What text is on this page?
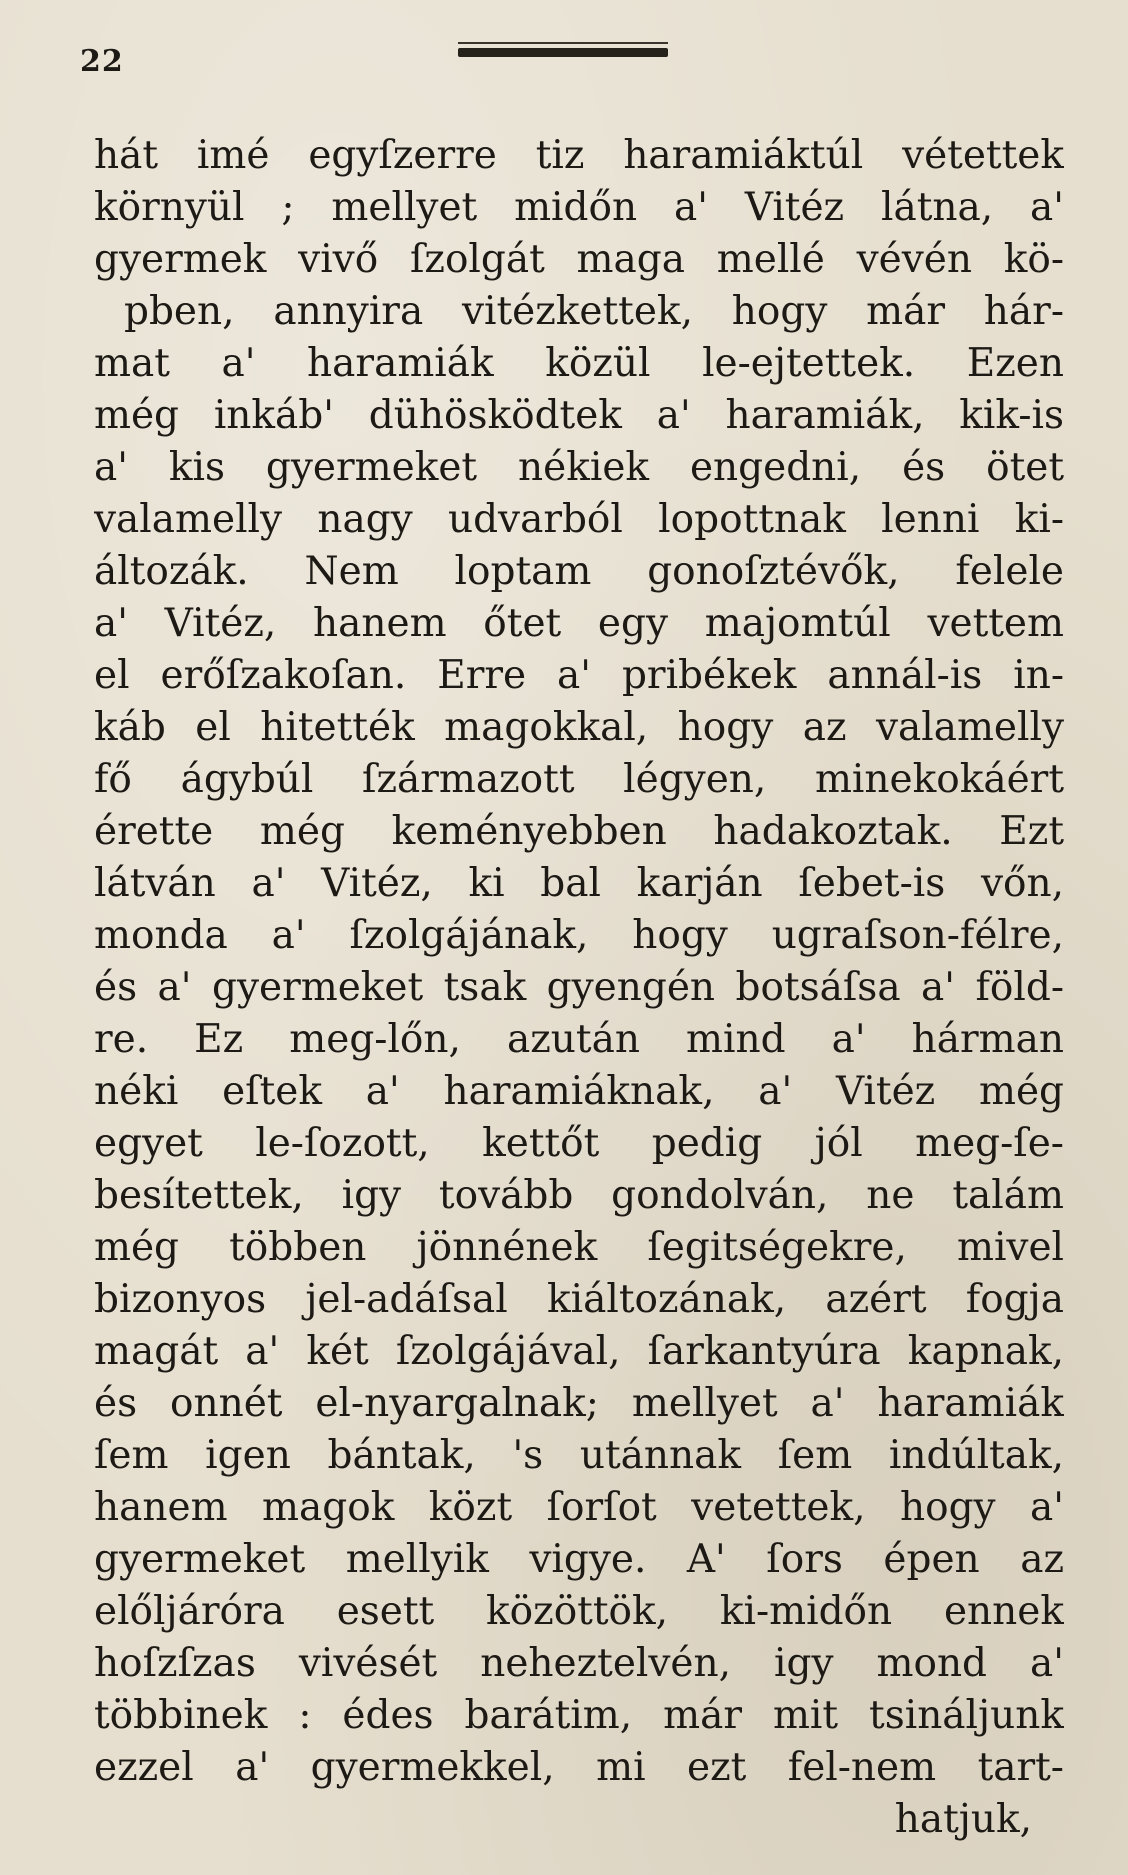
22
hát imé egyſzerre tiz haramiáktúl vétettek
környül ; mellyet midőn a' Vitéz látna, a'
gyermek vivő ſzolgát maga mellé vévén kö-
pben, annyira vitézkettek, hogy már hár-
mat a' haramiák közül le-ejtettek. Ezen
még inkáb' dühösködtek a' haramiák, kik-is
a' kis gyermeket nékiek engedni, és ötet
valamelly nagy udvarból lopottnak lenni ki-
áltozák. Nem loptam gonoſztévők, felele
a' Vitéz, hanem őtet egy majomtúl vettem
el erőſzakoſan. Erre a' pribékek annál-is in-
káb el hitették magokkal, hogy az valamelly
fő ágybúl ſzármazott légyen, minekokáért
érette még keményebben hadakoztak. Ezt
látván a' Vitéz, ki bal karján ſebet-is vőn,
monda a' ſzolgájának, hogy ugraſson-félre,
és a' gyermeket tsak gyengén botsáſsa a' föld-
re. Ez meg-lőn, azután mind a' hárman
néki eſtek a' haramiáknak, a' Vitéz még
egyet le-ſozott, kettőt pedig jól meg-ſe-
besítettek, igy tovább gondolván, ne talám
még többen jönnének ſegitségekre, mivel
bizonyos jel-adáſsal kiáltozának, azért fogja
magát a' két ſzolgájával, ſarkantyúra kapnak,
és onnét el-nyargalnak; mellyet a' haramiák
ſem igen bántak, 's utánnak ſem indúltak,
hanem magok közt ſorſot vetettek, hogy a'
gyermeket mellyik vigye. A' ſors épen az
előljáróra esett közöttök, ki-midőn ennek
hoſzſzas vivését neheztelvén, igy mond a'
többinek : édes barátim, már mit tsináljunk
ezzel a' gyermekkel, mi ezt fel-nem tart-
hatjuk,
